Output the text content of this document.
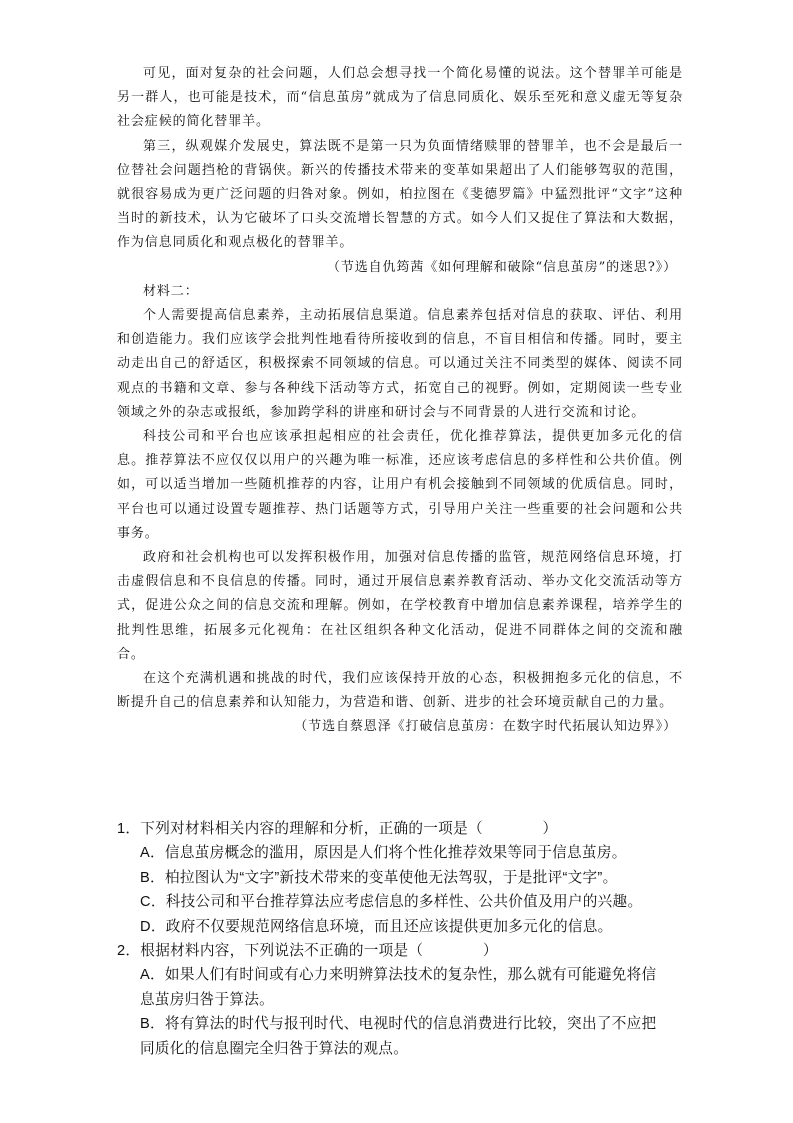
可见，面对复杂的社会问题，人们总会想寻找一个简化易懂的说法。这个替罪羊可能是另一群人，也可能是技术，而“信息茧房”就成为了信息同质化、娱乐至死和意义虚无等复杂社会症候的简化替罪羊。

第三，纵观媒介发展史，算法既不是第一只为负面情绪赎罪的替罪羊，也不会是最后一位替社会问题挡枪的背锅侠。新兴的传播技术带来的变革如果超出了人们能够驾驭的范围，就很容易成为更广泛问题的归咎对象。例如，柏拉图在《斐德罗篇》中猛烈批评“文字”这种当时的新技术，认为它破坏了口头交流增长智慧的方式。如今人们又捉住了算法和大数据，作为信息同质化和观点极化的替罪羊。

（节选自仇筠茜《如何理解和破除“信息茧房”的迷思?》）

材料二：

个人需要提高信息素养，主动拓展信息渠道。信息素养包括对信息的获取、评估、利用和创造能力。我们应该学会批判性地看待所接收到的信息，不盲目相信和传播。同时，要主动走出自己的舒适区，积极探索不同领域的信息。可以通过关注不同类型的媒体、阅读不同观点的书籍和文章、参与各种线下活动等方式，拓宽自己的视野。例如，定期阅读一些专业领域之外的杂志或报纸，参加跨学科的讲座和研讨会与不同背景的人进行交流和讨论。

科技公司和平台也应该承担起相应的社会责任，优化推荐算法，提供更加多元化的信息。推荐算法不应仅仅以用户的兴趣为唯一标准，还应该考虑信息的多样性和公共价值。例如，可以适当增加一些随机推荐的内容，让用户有机会接触到不同领域的优质信息。同时，平台也可以通过设置专题推荐、热门话题等方式，引导用户关注一些重要的社会问题和公共事务。

政府和社会机构也可以发挥积极作用，加强对信息传播的监管，规范网络信息环境，打击虚假信息和不良信息的传播。同时，通过开展信息素养教育活动、举办文化交流活动等方式，促进公众之间的信息交流和理解。例如，在学校教育中增加信息素养课程，培养学生的批判性思维，拓展多元化视角：在社区组织各种文化活动，促进不同群体之间的交流和融合。

在这个充满机遇和挑战的时代，我们应该保持开放的心态，积极拥抱多元化的信息，不断提升自己的信息素养和认知能力，为营造和谐、创新、进步的社会环境贡献自己的力量。

（节选自蔡恩泽《打破信息茧房：在数字时代拓展认知边界》）

1．下列对材料相关内容的理解和分析，正确的一项是（　　　　）

A．信息茧房概念的滥用，原因是人们将个性化推荐效果等同于信息茧房。

B．柏拉图认为“文字”新技术带来的变革使他无法驾驭，于是批评“文字”。

C．科技公司和平台推荐算法应考虑信息的多样性、公共价值及用户的兴趣。

D．政府不仅要规范网络信息环境，而且还应该提供更加多元化的信息。

2．根据材料内容，下列说法不正确的一项是（　　　　）

A．如果人们有时间或有心力来明辨算法技术的复杂性，那么就有可能避免将信

息茧房归咎于算法。

B．将有算法的时代与报刊时代、电视时代的信息消费进行比较，突出了不应把

同质化的信息圈完全归咎于算法的观点。
